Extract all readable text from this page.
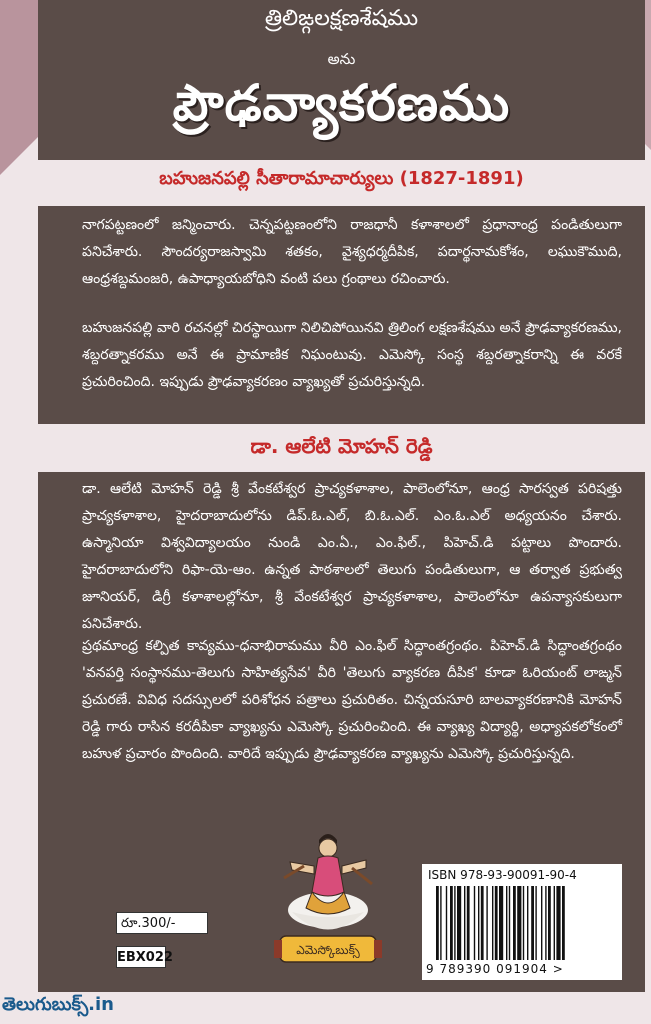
త్రిలిఙ్గలక్షణశేషము
అను
ప్రౌఢవ్యాకరణము
బహుజనపల్లి సీతారామాచార్యులు (1827-1891)

నాగపట్టణంలో జన్మించారు. చెన్నపట్టణంలోని రాజధానీ కళాశాలలో ప్రధానాంధ్ర పండితులుగా పనిచేశారు. సౌందర్యరాజస్వామి శతకం, వైశ్యధర్మదీపిక, పదార్థనామకోశం, లఘుకౌముది, ఆంధ్రశబ్దమంజరి, ఉపాధ్యాయబోధిని వంటి పలు గ్రంథాలు రచించారు.

బహుజనపల్లి వారి రచనల్లో చిరస్థాయిగా నిలిచిపోయినవి త్రిలింగ లక్షణశేషము అనే ప్రౌఢవ్యాకరణము, శబ్దరత్నాకరము అనే ఈ ప్రామాణిక నిఘంటువు. ఎమెస్కో సంస్థ శబ్దరత్నాకరాన్ని ఈ వరకే ప్రచురించింది. ఇప్పుడు ప్రౌఢవ్యాకరణం వ్యాఖ్యతో ప్రచురిస్తున్నది.

డా. ఆలేటి మోహన్ రెడ్డి

డా. ఆలేటి మోహన్ రెడ్డి శ్రీ వేంకటేశ్వర ప్రాచ్యకళాశాల, పాలెంలోనూ, ఆంధ్ర సారస్వత పరిషత్తు ప్రాచ్యకళాశాల, హైదరాబాదులోను డిప్.ఓ.ఎల్, బి.ఓ.ఎల్. ఎం.ఓ.ఎల్ అధ్యయనం చేశారు. ఉస్మానియా విశ్వవిద్యాలయం నుండి ఎం.ఏ., ఎం.ఫిల్., పిహెచ్.డి పట్టాలు పొందారు. హైదరాబాదులోని రిఫా-యె-ఆం. ఉన్నత పాఠశాలలో తెలుగు పండితులుగా, ఆ తర్వాత ప్రభుత్వ జూనియర్, డిగ్రీ కళాశాలల్లోనూ, శ్రీ వేంకటేశ్వర ప్రాచ్యకళాశాల, పాలెంలోనూ ఉపన్యాసకులుగా పనిచేశారు.

ప్రథమాంధ్ర కల్పిత కావ్యము-ధనాభిరామము వీరి ఎం.ఫిల్ సిద్ధాంతగ్రంథం. పిహెచ్.డి సిద్ధాంతగ్రంథం 'వనపర్తి సంస్థానము-తెలుగు సాహిత్యసేవ' వీరి 'తెలుగు వ్యాకరణ దీపిక' కూడా ఓరియంట్ లాఙ్మన్ ప్రచురణే. వివిధ సదస్సులలో పరిశోధన పత్రాలు ప్రచురితం. చిన్నయసూరి బాలవ్యాకరణానికి మోహన్ రెడ్డి గారు రాసిన కరదీపికా వ్యాఖ్యను ఎమెస్కో ప్రచురించింది. ఈ వ్యాఖ్య విద్యార్థి, అధ్యాపకలోకంలో బహుళ ప్రచారం పొందింది. వారిదే ఇప్పుడు ప్రౌఢవ్యాకరణ వ్యాఖ్యను ఎమెస్కో ప్రచురిస్తున్నది.

రూ.300/-
EBX022	ఎమెస్కోబుక్స్
ISBN 978-93-90091-90-4
9 789390 091904 >
తెలుగుబుక్స్.in
